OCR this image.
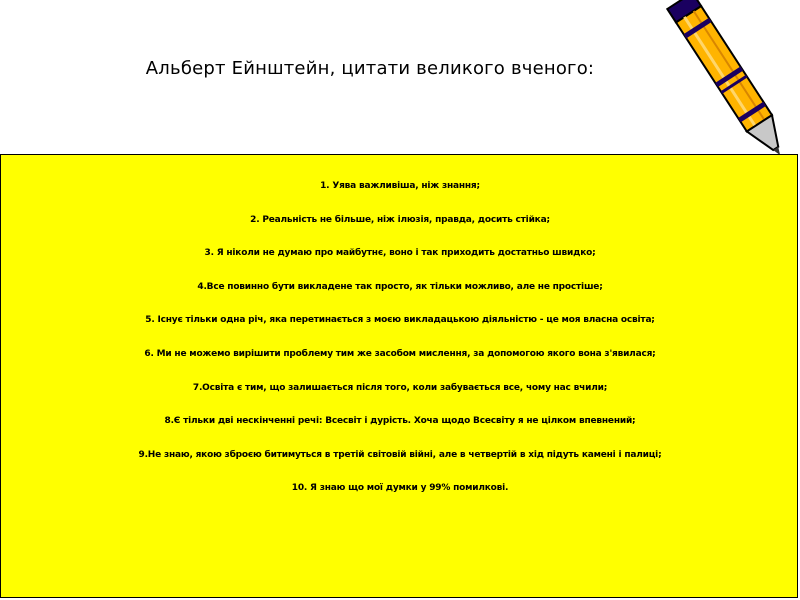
Альберт Ейнштейн, цитати великого вченого:
1. Уява важливіша, ніж знання;
2. Реальність не більше, ніж ілюзія, правда, досить стійка;
3. Я ніколи не думаю про майбутнє, воно і так приходить достатньо швидко;
4.Все повинно бути викладене так просто, як тільки можливо, але не простіше;
5. Існує тільки одна річ, яка перетинається з моєю викладацькою діяльністю - це моя власна освіта;
6. Ми не можемо вирішити проблему тим же засобом мислення, за допомогою якого вона з'явилася;
7.Освіта є тим, що залишається після того, коли забувається все, чому нас вчили;
8.Є тільки дві нескінченні речі: Всесвіт і дурість. Хоча щодо Всесвіту я не цілком впевнений;
9.Не знаю, якою зброєю битимуться в третій світовій війні, але в четвертій в хід підуть камені і палиці;
10. Я знаю що мої думки у 99% помилкові.
